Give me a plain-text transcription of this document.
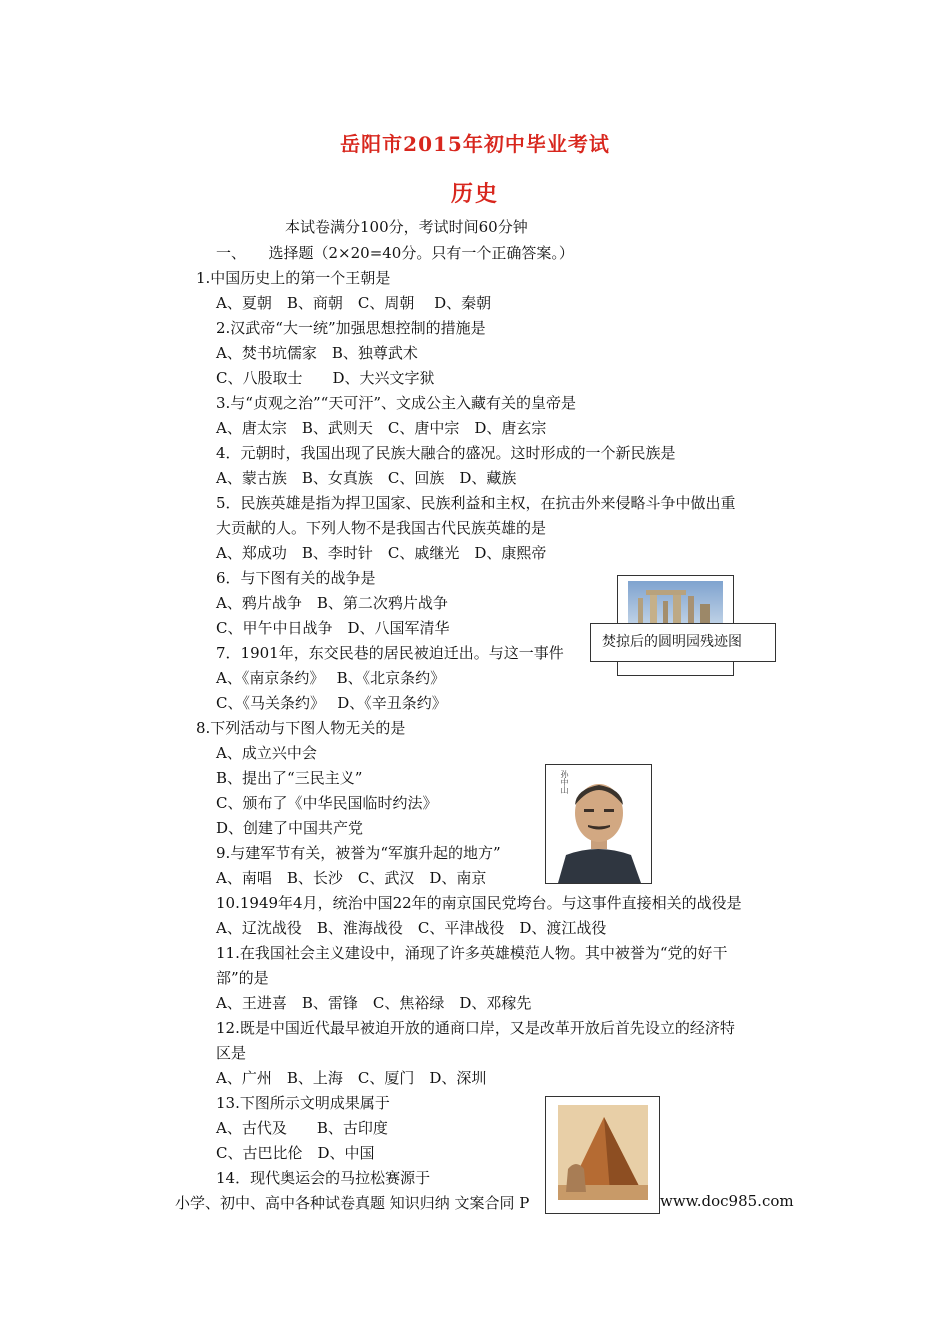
岳阳市2015年初中毕业考试
历史
本试卷满分100分，考试时间60分钟
一、　　选择题（2×20=40分。只有一个正确答案。）
1.中国历史上的第一个王朝是
A、夏朝　B、商朝　C、周朝　 D、秦朝
2.汉武帝“大一统”加强思想控制的措施是
A、焚书坑儒家　B、独尊武术
C、八股取士　　D、大兴文字狱
3.与“贞观之治”“天可汗”、文成公主入藏有关的皇帝是
A、唐太宗　B、武则天　C、唐中宗　D、唐玄宗
4．元朝时，我国出现了民族大融合的盛况。这时形成的一个新民族是
A、蒙古族　B、女真族　C、回族　D、藏族
5．民族英雄是指为捍卫国家、民族利益和主权，在抗击外来侵略斗争中做出重
大贡献的人。下列人物不是我国古代民族英雄的是
A、郑成功　B、李时针　C、戚继光　D、康熙帝
6．与下图有关的战争是
A、鸦片战争　B、第二次鸦片战争
C、甲午中日战争　D、八国军清华
7．1901年，东交民巷的居民被迫迁出。与这一事件
A、《南京条约》　 B、《北京条约》
C、《马关条约》　 D、《辛丑条约》
8.下列活动与下图人物无关的是
A、成立兴中会
B、提出了“三民主义”
C、颁布了《中华民国临时约法》
D、创建了中国共产党
9.与建军节有关，被誉为“军旗升起的地方”
A、南唱　B、长沙　C、武汉　D、南京
10.1949年4月，统治中国22年的南京国民党垮台。与这事件直接相关的战役是
A、辽沈战役　B、淮海战役　C、平津战役　D、渡江战役
11.在我国社会主义建设中，涌现了许多英雄模范人物。其中被誉为“党的好干
部”的是
A、王进喜　B、雷锋　C、焦裕绿　D、邓稼先
12.既是中国近代最早被迫开放的通商口岸，又是改革开放后首先设立的经济特
区是
A、广州　B、上海　C、厦门　D、深圳
13.下图所示文明成果属于
A、古代及　　B、古印度
C、古巴比伦　D、中国
14．现代奥运会的马拉松赛源于
焚掠后的圆明园残迹图
孙中山
小学、初中、高中各种试卷真题 知识归纳 文案合同 P	www.doc985.com
